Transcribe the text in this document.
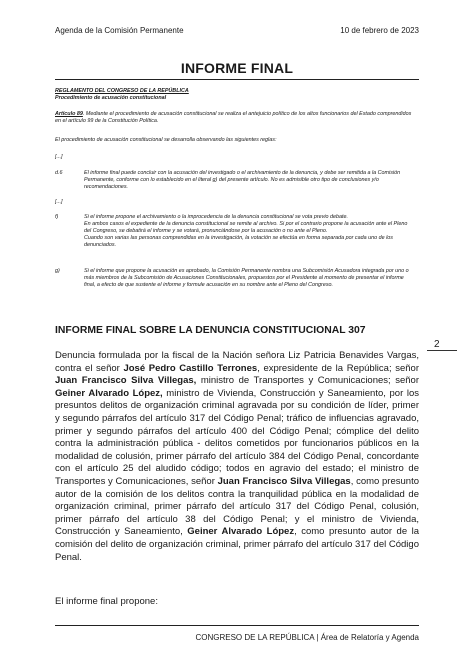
Agenda de la Comisión Permanente	10 de febrero de 2023
INFORME FINAL
REGLAMENTO DEL CONGRESO DE LA REPÚBLICA
Procedimiento de acusación constitucional
Artículo 89. Mediante el procedimiento de acusación constitucional se realiza el antejuicio político de los altos funcionarios del Estado comprendidos en el artículo 99 de la Constitución Política.
El procedimiento de acusación constitucional se desarrolla observando las siguientes reglas:
[...]
d.6	El informe final puede concluir con la acusación del investigado o el archivamiento de la denuncia, y debe ser remitida a la Comisión Permanente, conforme con lo establecido en el literal g) del presente artículo. No es admisible otro tipo de conclusiones y/o recomendaciones.
[...]
f)	Si el informe propone el archivamiento o la improcedencia de la denuncia constitucional se vota previo debate.
En ambos casos el expediente de la denuncia constitucional se remite al archivo. Si por el contrario propone la acusación ante el Pleno del Congreso, se debatirá el informe y se votará, pronunciándose por la acusación o no ante el Pleno.
Cuando son varias las personas comprendidas en la investigación, la votación se efectúa en forma separada por cada uno de los denunciados.
g)	Si el informe que propone la acusación es aprobado, la Comisión Permanente nombra una Subcomisión Acusadora integrada por uno o más miembros de la Subcomisión de Acusaciones Constitucionales, propuestos por el Presidente al momento de presentar el informe final, a efecto de que sustente el informe y formule acusación en su nombre ante el Pleno del Congreso.
INFORME FINAL SOBRE LA DENUNCIA CONSTITUCIONAL 307
2
Denuncia formulada por la fiscal de la Nación señora Liz Patricia Benavides Vargas, contra el señor José Pedro Castillo Terrones, expresidente de la República; señor Juan Francisco Silva Villegas, ministro de Transportes y Comunicaciones; señor Geiner Alvarado López, ministro de Vivienda, Construcción y Saneamiento, por los presuntos delitos de organización criminal agravada por su condición de líder, primer y segundo párrafos del artículo 317 del Código Penal; tráfico de influencias agravado, primer y segundo párrafos del artículo 400 del Código Penal; cómplice del delito contra la administración pública - delitos cometidos por funcionarios públicos en la modalidad de colusión, primer párrafo del artículo 384 del Código Penal, concordante con el artículo 25 del aludido código; todos en agravio del estado; el ministro de Transportes y Comunicaciones, señor Juan Francisco Silva Villegas, como presunto autor de la comisión de los delitos contra la tranquilidad pública en la modalidad de organización criminal, primer párrafo del artículo 317 del Código Penal, colusión, primer párrafo del artículo 38 del Código Penal; y el ministro de Vivienda, Construcción y Saneamiento, Geiner Alvarado López, como presunto autor de la comisión del delito de organización criminal, primer párrafo del artículo 317 del Código Penal.
El informe final propone:
CONGRESO DE LA REPÚBLICA | Área de Relatoría y Agenda
